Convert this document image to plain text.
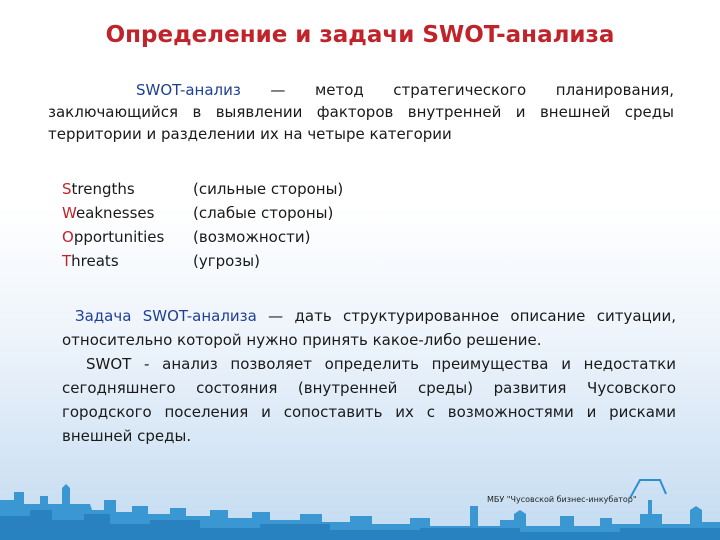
Определение и задачи SWOT-анализа
SWOT-анализ — метод стратегического планирования, заключающийся в выявлении факторов внутренней и внешней среды территории и разделении их на четыре категории
Strengths	(сильные стороны)
Weaknesses	(слабые стороны)
Opportunities	(возможности)
Threats	(угрозы)

Задача SWOT-анализа — дать структурированное описание ситуации, относительно которой нужно принять какое-либо решение.

SWOT - анализ позволяет определить преимущества и недостатки сегодняшнего состояния (внутренней среды) развития Чусовского городского поселения и сопоставить их с возможностями и рисками внешней среды.

МБУ "Чусовской бизнес-инкубатор"
